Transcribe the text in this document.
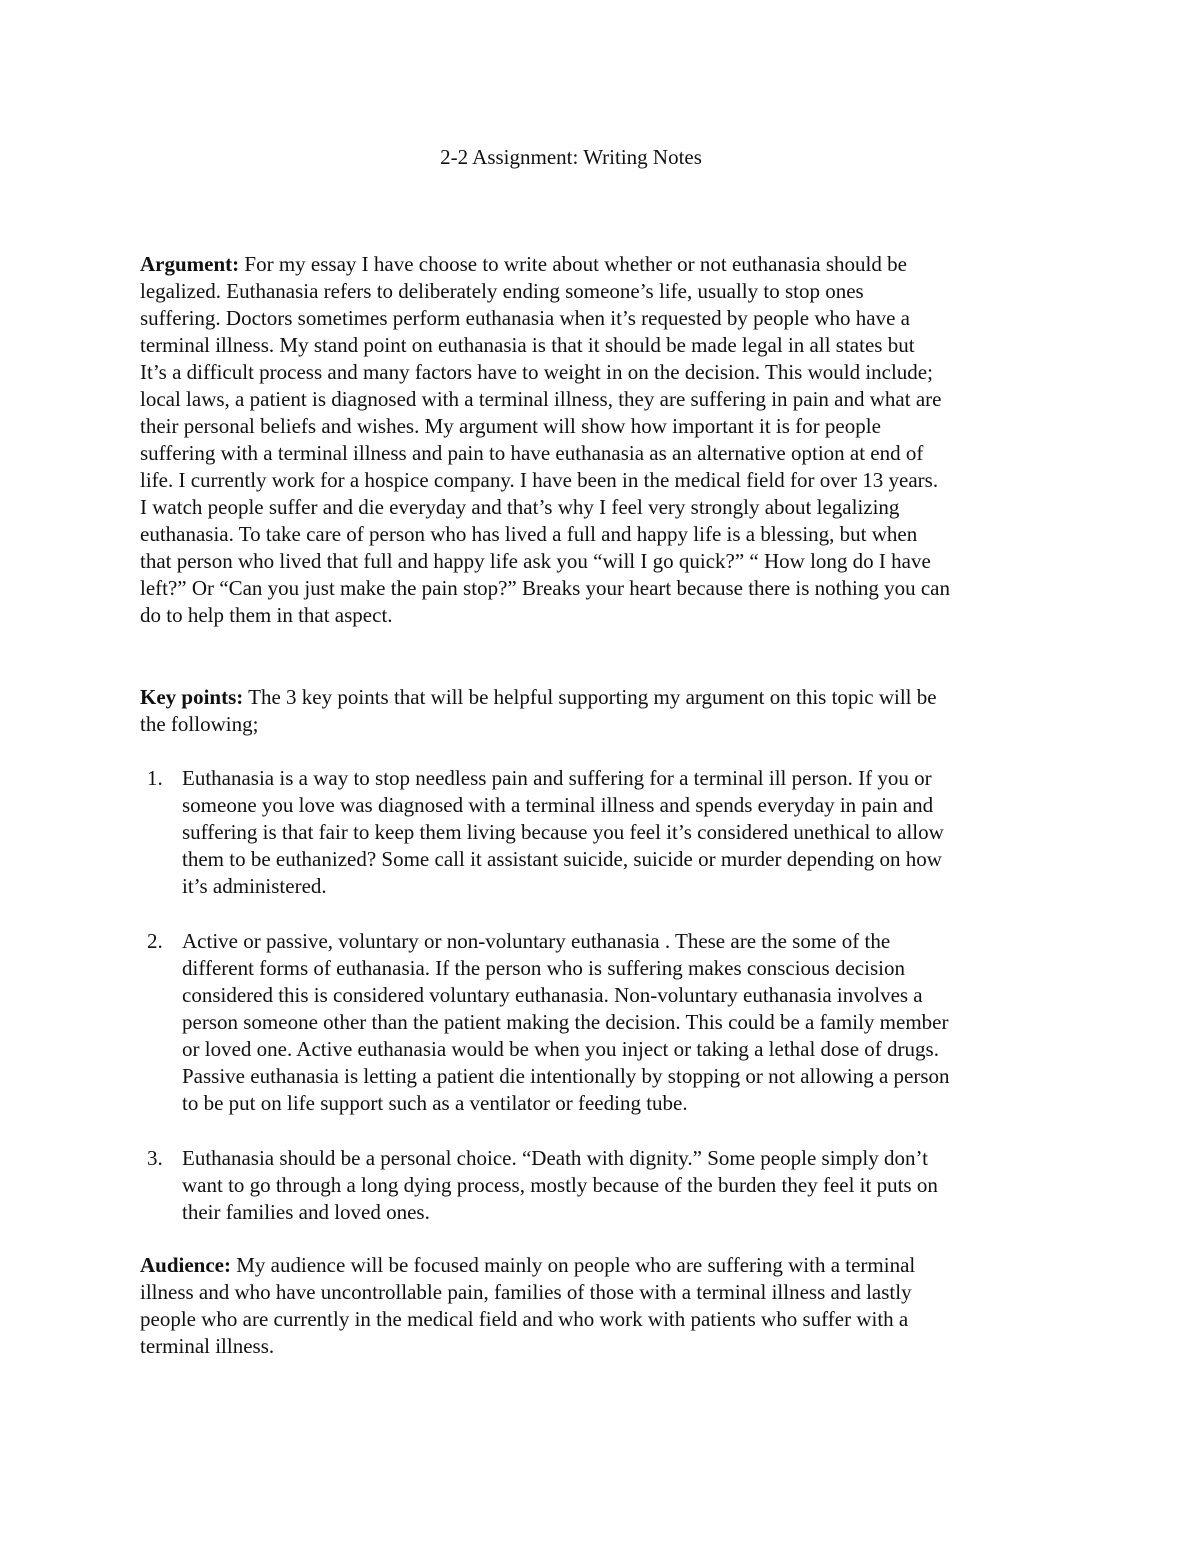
2-2 Assignment: Writing Notes
Argument: For my essay I have choose to write about whether or not euthanasia should be
legalized. Euthanasia refers to deliberately ending someone’s life, usually to stop ones
suffering. Doctors sometimes perform euthanasia when it’s requested by people who have a
terminal illness. My stand point on euthanasia is that it should be made legal in all states but
It’s a difficult process and many factors have to weight in on the decision. This would include;
local laws, a patient is diagnosed with a terminal illness, they are suffering in pain and what are
their personal beliefs and wishes. My argument will show how important it is for people
suffering with a terminal illness and pain to have euthanasia as an alternative option at end of
life. I currently work for a hospice company. I have been in the medical field for over 13 years.
I watch people suffer and die everyday and that’s why I feel very strongly about legalizing
euthanasia. To take care of person who has lived a full and happy life is a blessing, but when
that person who lived that full and happy life ask you “will I go quick?” “ How long do I have
left?” Or “Can you just make the pain stop?” Breaks your heart because there is nothing you can
do to help them in that aspect.
Key points: The 3 key points that will be helpful supporting my argument on this topic will be
the following;
1. Euthanasia is a way to stop needless pain and suffering for a terminal ill person. If you or
someone you love was diagnosed with a terminal illness and spends everyday in pain and
suffering is that fair to keep them living because you feel it’s considered unethical to allow
them to be euthanized? Some call it assistant suicide, suicide or murder depending on how
it’s administered.
2. Active or passive, voluntary or non-voluntary euthanasia . These are the some of the
different forms of euthanasia. If the person who is suffering makes conscious decision
considered this is considered voluntary euthanasia. Non-voluntary euthanasia involves a
person someone other than the patient making the decision. This could be a family member
or loved one. Active euthanasia would be when you inject or taking a lethal dose of drugs.
Passive euthanasia is letting a patient die intentionally by stopping or not allowing a person
to be put on life support such as a ventilator or feeding tube.
3. Euthanasia should be a personal choice. “Death with dignity.” Some people simply don’t
want to go through a long dying process, mostly because of the burden they feel it puts on
their families and loved ones.
Audience: My audience will be focused mainly on people who are suffering with a terminal
illness and who have uncontrollable pain, families of those with a terminal illness and lastly
people who are currently in the medical field and who work with patients who suffer with a
terminal illness.
